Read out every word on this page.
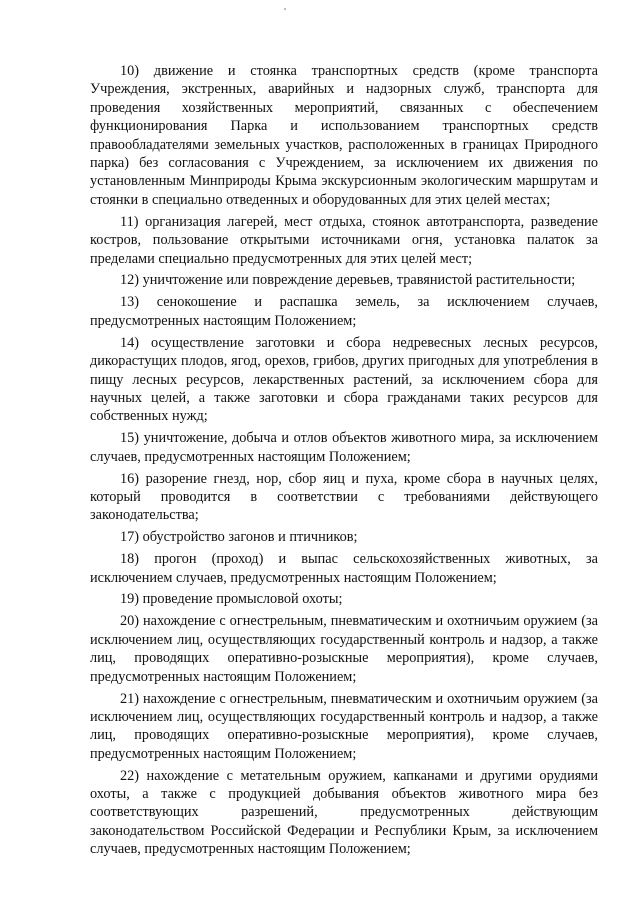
10) движение и стоянка транспортных средств (кроме транспорта Учреждения, экстренных, аварийных и надзорных служб, транспорта для проведения хозяйственных мероприятий, связанных с обеспечением функционирования Парка и использованием транспортных средств правообладателями земельных участков, расположенных в границах Природного парка) без согласования с Учреждением, за исключением их движения по установленным Минприроды Крыма экскурсионным экологическим маршрутам и стоянки в специально отведенных и оборудованных для этих целей местах;

11) организация лагерей, мест отдыха, стоянок автотранспорта, разведение костров, пользование открытыми источниками огня, установка палаток за пределами специально предусмотренных для этих целей мест;

12) уничтожение или повреждение деревьев, травянистой растительности;

13) сенокошение и распашка земель, за исключением случаев, предусмотренных настоящим Положением;

14) осуществление заготовки и сбора недревесных лесных ресурсов, дикорастущих плодов, ягод, орехов, грибов, других пригодных для употребления в пищу лесных ресурсов, лекарственных растений, за исключением сбора для научных целей, а также заготовки и сбора гражданами таких ресурсов для собственных нужд;

15) уничтожение, добыча и отлов объектов животного мира, за исключением случаев, предусмотренных настоящим Положением;

16) разорение гнезд, нор, сбор яиц и пуха, кроме сбора в научных целях, который проводится в соответствии с требованиями действующего законодательства;

17) обустройство загонов и птичников;

18) прогон (проход) и выпас сельскохозяйственных животных, за исключением случаев, предусмотренных настоящим Положением;

19) проведение промысловой охоты;

20) нахождение с огнестрельным, пневматическим и охотничьим оружием (за исключением лиц, осуществляющих государственный контроль и надзор, а также лиц, проводящих оперативно-розыскные мероприятия), кроме случаев, предусмотренных настоящим Положением;

21) нахождение с огнестрельным, пневматическим и охотничьим оружием (за исключением лиц, осуществляющих государственный контроль и надзор, а также лиц, проводящих оперативно-розыскные мероприятия), кроме случаев, предусмотренных настоящим Положением;

22) нахождение с метательным оружием, капканами и другими орудиями охоты, а также с продукцией добывания объектов животного мира без соответствующих разрешений, предусмотренных действующим законодательством Российской Федерации и Республики Крым, за исключением случаев, предусмотренных настоящим Положением;
